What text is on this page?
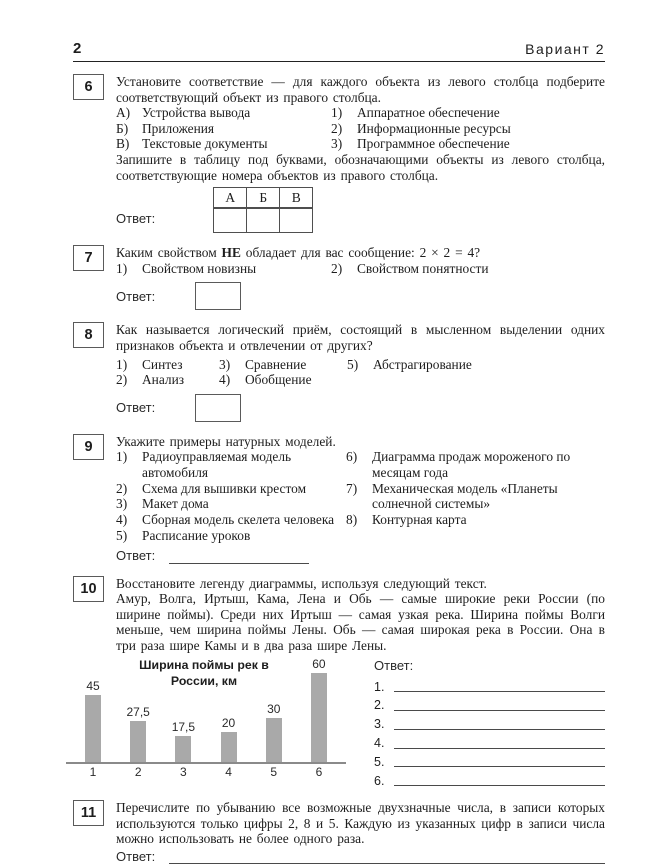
2	Вариант 2
6	Установите соответствие — для каждого объекта из левого столбца подберите соответствующий объект из правого столбца.
А) Устройства вывода
Б)	Приложения
В) Текстовые документы
1)	Аппаратное обеспечение
2)	Информационные ресурсы
3)	Программное обеспечение
Запишите в таблицу под буквами, обозначающими объекты из левого столбца, соответствующие номера объектов из правого столбца.
Ответ:
А	Б	В

7	Каким свойством НЕ обладает для вас сообщение: 2 × 2 = 4?
1)	Свойством новизны	2)	Свойством понятности
Ответ:
8	Как называется логический приём, состоящий в мысленном выделении одних признаков объекта и отвлечении от других?
1)	Синтез
2)	Анализ
3)	Сравнение
4)	Обобщение
5)	Абстрагирование
Ответ:
9	Укажите примеры натурных моделей.
1)	Радиоуправляемая модель автомобиля
2)	Схема для вышивки крестом
3)	Макет дома
4)	Сборная модель скелета человека
5)	Расписание уроков
6)	Диаграмма продаж мороженого по месяцам года
7)	Механическая модель «Планеты солнечной системы»
8)	Контурная карта
Ответ:
10	Восстановите легенду диаграммы, используя следующий текст.
Амур, Волга, Иртыш, Кама, Лена и Обь — самые широкие реки России (по ширине поймы). Среди них Иртыш — самая узкая река. Ширина поймы Волги меньше, чем ширина поймы Лены. Обь — самая широкая река в России. Она в три раза шире Камы и в два раза шире Лены.
Ширина поймы рек в России, км
45
27,5
17,5 20
30
60
1	2	3	4	5	6
Ответ:
1.
2.
3.
4.
5.
6.
11	Перечислите по убыванию все возможные двухзначные числа, в записи которых используются только цифры 2, 8 и 5. Каждую из указанных цифр в записи числа можно использовать не более одного раза.
Ответ:
